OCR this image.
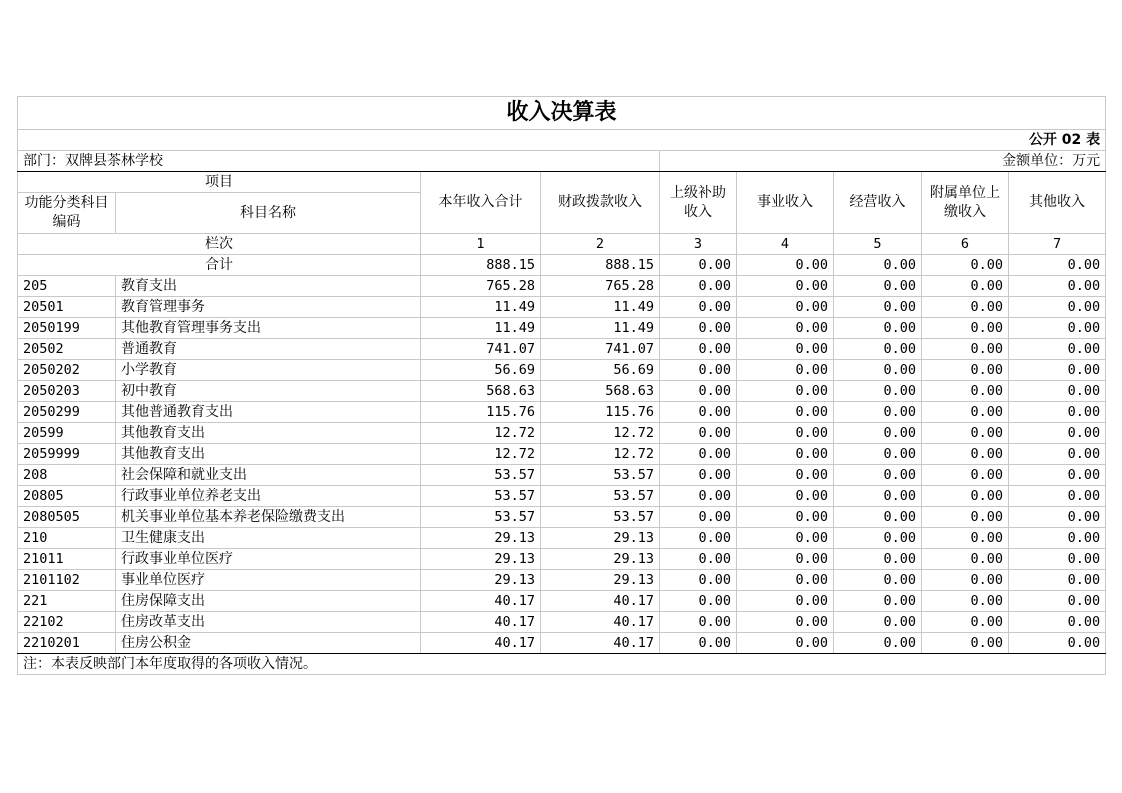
收入决算表								
公开 02 表								
部门：双牌县茶林学校				金额单位：万元				
项目		本年收入合计	财政拨款收入	上级补助收入	事业收入	经营收入	附属单位上缴收入	其他收入
功能分类科目编码	科目名称							
栏次		1	2	3	4	5	6	7
合计		888.15	888.15	0.00	0.00	0.00	0.00	0.00
205	教育支出	765.28	765.28	0.00	0.00	0.00	0.00	0.00
20501	教育管理事务	11.49	11.49	0.00	0.00	0.00	0.00	0.00
2050199	其他教育管理事务支出	11.49	11.49	0.00	0.00	0.00	0.00	0.00
20502	普通教育	741.07	741.07	0.00	0.00	0.00	0.00	0.00
2050202	小学教育	56.69	56.69	0.00	0.00	0.00	0.00	0.00
2050203	初中教育	568.63	568.63	0.00	0.00	0.00	0.00	0.00
2050299	其他普通教育支出	115.76	115.76	0.00	0.00	0.00	0.00	0.00
20599	其他教育支出	12.72	12.72	0.00	0.00	0.00	0.00	0.00
2059999	其他教育支出	12.72	12.72	0.00	0.00	0.00	0.00	0.00
208	社会保障和就业支出	53.57	53.57	0.00	0.00	0.00	0.00	0.00
20805	行政事业单位养老支出	53.57	53.57	0.00	0.00	0.00	0.00	0.00
2080505	机关事业单位基本养老保险缴费支出	53.57	53.57	0.00	0.00	0.00	0.00	0.00
210	卫生健康支出	29.13	29.13	0.00	0.00	0.00	0.00	0.00
21011	行政事业单位医疗	29.13	29.13	0.00	0.00	0.00	0.00	0.00
2101102	事业单位医疗	29.13	29.13	0.00	0.00	0.00	0.00	0.00
221	住房保障支出	40.17	40.17	0.00	0.00	0.00	0.00	0.00
22102	住房改革支出	40.17	40.17	0.00	0.00	0.00	0.00	0.00
2210201	住房公积金	40.17	40.17	0.00	0.00	0.00	0.00	0.00
注：本表反映部门本年度取得的各项收入情况。								
